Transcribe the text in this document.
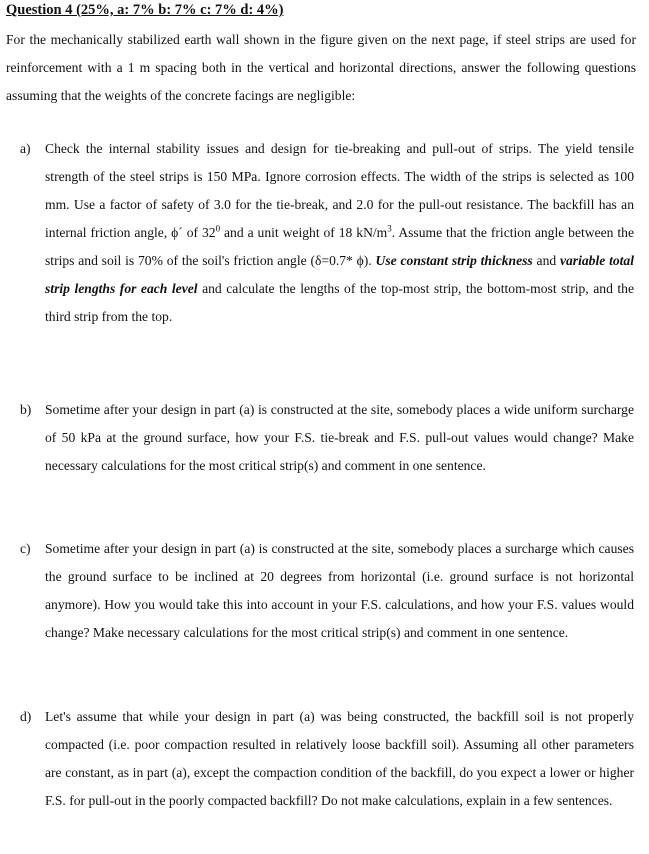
Question 4 (25%, a: 7% b: 7% c: 7% d: 4%)
For the mechanically stabilized earth wall shown in the figure given on the next page, if steel strips are used for reinforcement with a 1 m spacing both in the vertical and horizontal directions, answer the following questions assuming that the weights of the concrete facings are negligible:
a) Check the internal stability issues and design for tie-breaking and pull-out of strips. The yield tensile strength of the steel strips is 150 MPa. Ignore corrosion effects. The width of the strips is selected as 100 mm. Use a factor of safety of 3.0 for the tie-break, and 2.0 for the pull-out resistance. The backfill has an internal friction angle, ϕ´ of $32^0$ and a unit weight of 18 $kN/m^3$. Assume that the friction angle between the strips and soil is 70% of the soil's friction angle (δ=0.7* ϕ). Use constant strip thickness and variable total strip lengths for each level and calculate the lengths of the top-most strip, the bottom-most strip, and the third strip from the top.
b) Sometime after your design in part (a) is constructed at the site, somebody places a wide uniform surcharge of 50 kPa at the ground surface, how your F.S. tie-break and F.S. pull-out values would change? Make necessary calculations for the most critical strip(s) and comment in one sentence.
c) Sometime after your design in part (a) is constructed at the site, somebody places a surcharge which causes the ground surface to be inclined at 20 degrees from horizontal (i.e. ground surface is not horizontal anymore). How you would take this into account in your F.S. calculations, and how your F.S. values would change? Make necessary calculations for the most critical strip(s) and comment in one sentence.
d) Let's assume that while your design in part (a) was being constructed, the backfill soil is not properly compacted (i.e. poor compaction resulted in relatively loose backfill soil). Assuming all other parameters are constant, as in part (a), except the compaction condition of the backfill, do you expect a lower or higher F.S. for pull-out in the poorly compacted backfill? Do not make calculations, explain in a few sentences.
